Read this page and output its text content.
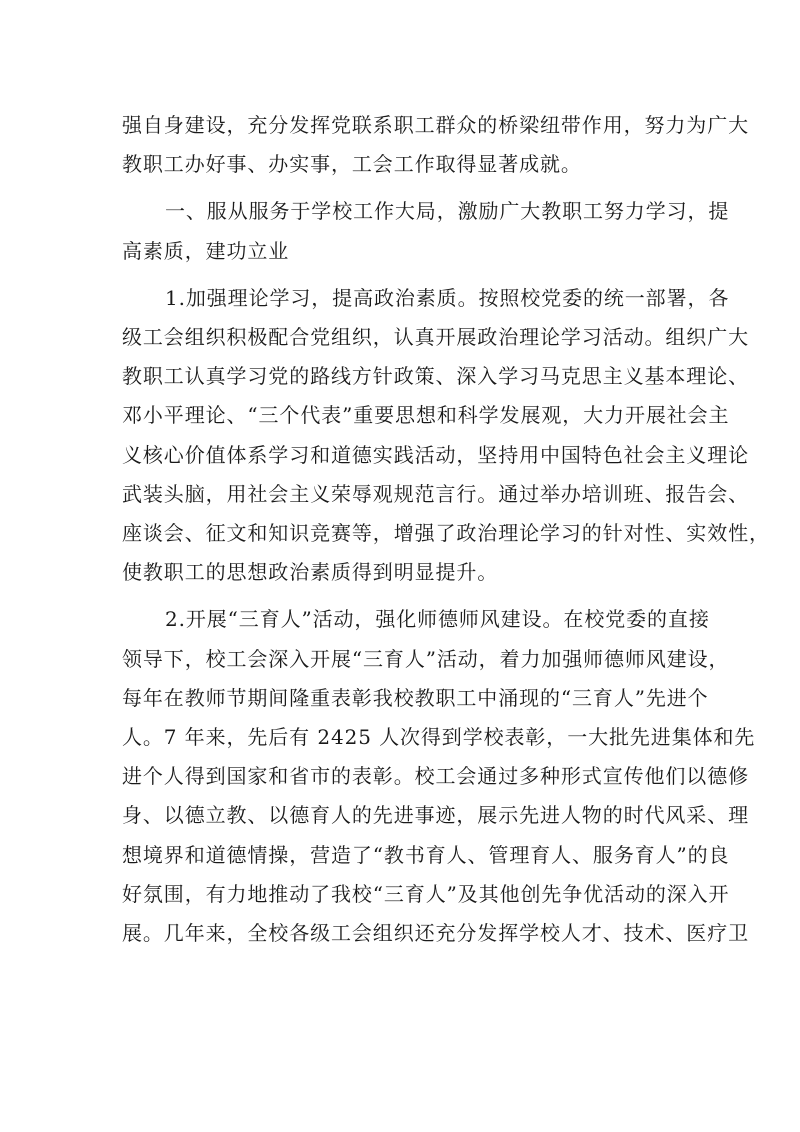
强自身建设，充分发挥党联系职工群众的桥梁纽带作用，努力为广大
教职工办好事、办实事，工会工作取得显著成就。

一、服从服务于学校工作大局，激励广大教职工努力学习，提
高素质，建功立业

1.加强理论学习，提高政治素质。按照校党委的统一部署，各
级工会组织积极配合党组织，认真开展政治理论学习活动。组织广大
教职工认真学习党的路线方针政策、深入学习马克思主义基本理论、
邓小平理论、“三个代表”重要思想和科学发展观，大力开展社会主
义核心价值体系学习和道德实践活动，坚持用中国特色社会主义理论
武装头脑，用社会主义荣辱观规范言行。通过举办培训班、报告会、
座谈会、征文和知识竞赛等，增强了政治理论学习的针对性、实效性，
使教职工的思想政治素质得到明显提升。

2.开展“三育人”活动，强化师德师风建设。在校党委的直接
领导下，校工会深入开展“三育人”活动，着力加强师德师风建设，
每年在教师节期间隆重表彰我校教职工中涌现的“三育人”先进个
人。7 年来，先后有 2425 人次得到学校表彰，一大批先进集体和先
进个人得到国家和省市的表彰。校工会通过多种形式宣传他们以德修
身、以德立教、以德育人的先进事迹，展示先进人物的时代风采、理
想境界和道德情操，营造了“教书育人、管理育人、服务育人”的良
好氛围，有力地推动了我校“三育人”及其他创先争优活动的深入开
展。几年来，全校各级工会组织还充分发挥学校人才、技术、医疗卫
